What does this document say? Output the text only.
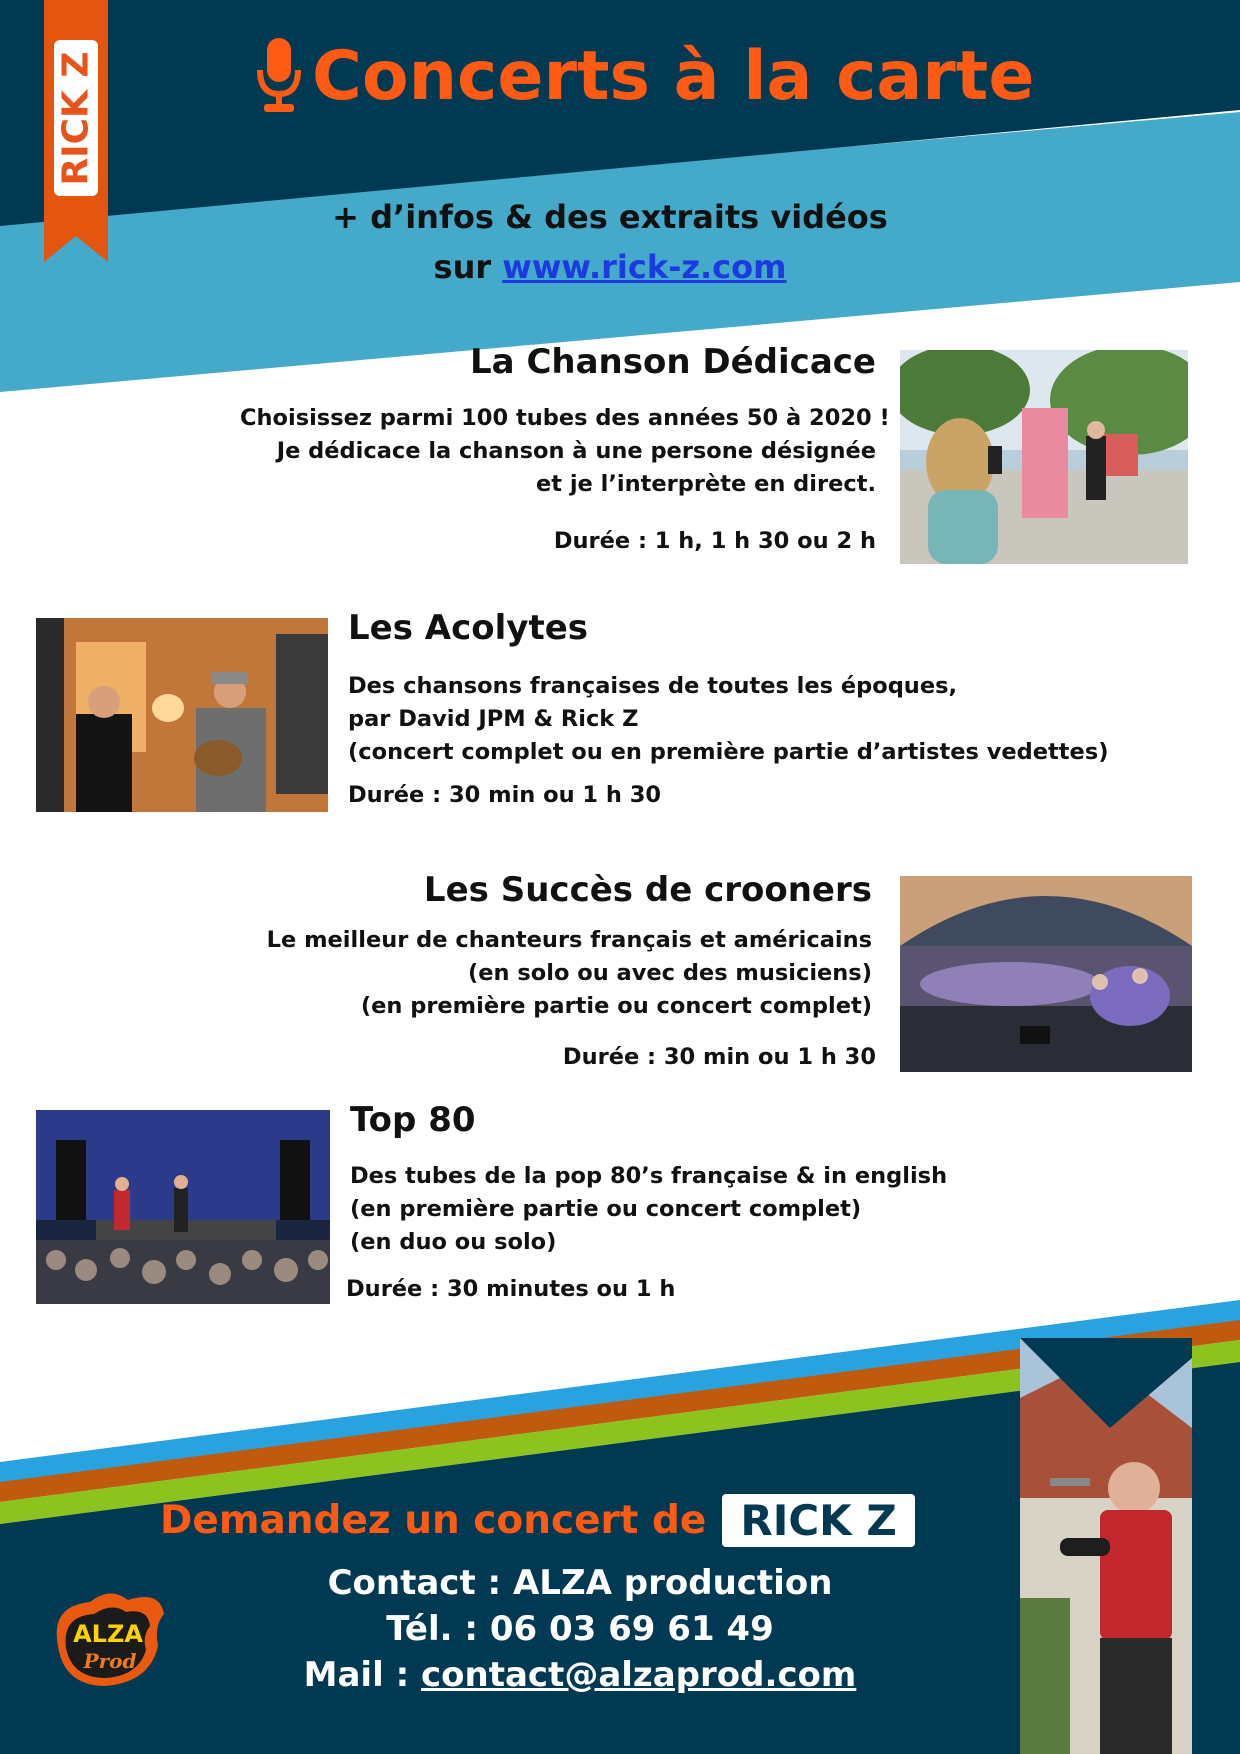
RICK Z	Concerts à la carte
+ d’infos & des extraits vidéos
sur www.rick-z.com
La Chanson Dédicace
Choisissez parmi 100 tubes des années 50 à 2020 !
Je dédicace la chanson à une persone désignée
et je l’interprète en direct.
Durée : 1 h, 1 h 30 ou 2 h
Les Acolytes
Des chansons françaises de toutes les époques,
par David JPM & Rick Z
(concert complet ou en première partie d’artistes vedettes)
Durée : 30 min ou 1 h 30
Les Succès de crooners
Le meilleur de chanteurs français et américains
(en solo ou avec des musiciens)
(en première partie ou concert complet)
Durée : 30 min ou 1 h 30
Top 80
Des tubes de la pop 80’s française & in english
(en première partie ou concert complet)
(en duo ou solo)
Durée : 30 minutes ou 1 h
Demandez un concert de RICK Z
Contact : ALZA production
Tél. : 06 03 69 61 49
Mail : contact@alzaprod.com
ALZA
Prod
